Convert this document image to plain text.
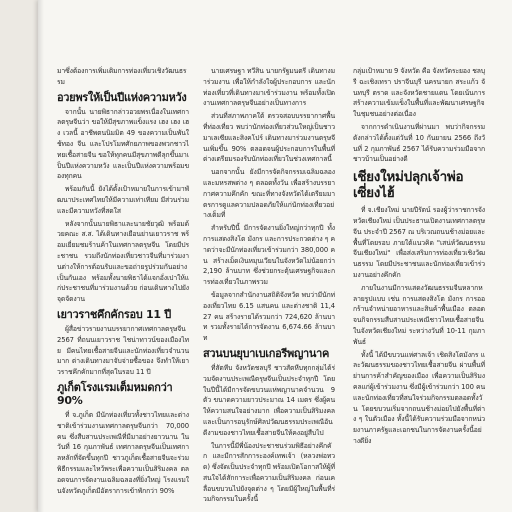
มาซึ่งต้องการเพิ่มเติมการท่องเที่ยวเชิงวัฒนธรรม

อวยพรให้เป็นปีแห่งความหวัง

จากนั้น นายพิธากล่าวอวยพรเนื่องในเทศกาลตรุษจีนว่า ขอให้มีสุขภาพแข็งแรง เฮง เฮง เฮง เวลนี้ อาชีพตนนิมมิต 49 ของความเป็นพันใช้ทอง จีน และโปรโมทศักยภาพของพวกชาวไทยเชื้อสายจีน ขอให้ทุกคนมีสุขภาพดีลุกขึ้นมาเป็นปีแห่งความหวัง และเป็นปีแห่งความพร้อมของทุกคน

พร้อมกันนี้ ยังได้ตั้งเป้าหมายในการเข้ามาพัฒนาประเทศไทยให้มีความเท่าเทียม มีส่วนร่วม และมีความหวังที่สดใส

หลังจากนั้นนายพิธาและนายชัยวุฒิ พร้อมด้วยคณะ ส.ส. ได้เดินทางเยือนย่านเยาวราช พร้อมเยี่ยมชมร้านค้าในเทศกาลตรุษจีน โดยมีประชาชน รวมถึงนักท่องเที่ยวชาวจีนที่มาร่วมงานต่างให้การต้อนรับและขอถ่ายรูปร่วมกันอย่างเป็นกันเอง พร้อมทั้งนายพิธาได้แจกอั่งเปาให้แก่ประชาชนที่มาร่วมงานด้วย ก่อนเดินทางไปยังจุดจัดงาน

เยาวราชคึกคักรอบ 11 ปี

ผู้สื่อข่าวรายงานบรรยากาศเทศกาลตรุษจีน 2567 ที่ถนนเยาวราช ไชน่าทาวน์ของเมืองไทย มีคนไทยเชื้อสายจีนและนักท่องเที่ยวจำนวนมาก ต่างเดินทางมาจับจ่ายซื้อของ จึงทำให้เยาวราชคึกคักมากที่สุดในรอบ 11 ปี

ภูเก็ตโรงแรมเต็มหมดกว่า 90%

ที่ จ.ภูเก็ต มีนักท่องเที่ยวทั้งชาวไทยและต่างชาติเข้าร่วมงานเทศกาลตรุษจีนกว่า 70,000 คน ซึ่งสืบสานประเพณีที่มีมาอย่างยาวนาน ในวันที่ 16 กุมภาพันธ์ เทศกาลตรุษจีนเป็นเทศกาลหลักที่จัดขึ้นทุกปี ชาวภูเก็ตเชื้อสายจีนจะร่วมพิธีกรรมและไหว้พระเพื่อความเป็นสิริมงคล ตลอดจนการจัดงานเฉลิมฉลองที่ยิ่งใหญ่ โรงแรมในจังหวัดภูเก็ตมีอัตราการเข้าพักกว่า 90%

นายเศรษฐา ทวีสิน นายกรัฐมนตรี เดินทางมาร่วมงาน เพื่อให้กำลังใจผู้ประกอบการ และนักท่องเที่ยวที่เดินทางมาเข้าร่วมงาน พร้อมทั้งเปิดงานเทศกาลตรุษจีนอย่างเป็นทางการ

ส่วนที่สภาพภาคใต้ ตรวจสอบบรรยากาศพื้นที่ท่องเที่ยว พบว่านักท่องเที่ยวส่วนใหญ่เป็นชาวมาเลเซียและสิงคโปร์ เดินทางมาร่วมงานตรุษจีนเพิ่มขึ้น 90% ตลอดจนผู้ประกอบการในพื้นที่ต่างเตรียมรองรับนักท่องเที่ยวในช่วงเทศกาลนี้

นอกจากนั้น ยังมีการจัดกิจกรรมเฉลิมฉลองและมหรสพต่าง ๆ ตลอดทั้งวัน เพื่อสร้างบรรยากาศความคึกคัก ขณะที่ทางจังหวัดได้เตรียมมาตรการดูแลความปลอดภัยให้แก่นักท่องเที่ยวอย่างเต็มที่

สำหรับปีนี้ มีการจัดงานยิ่งใหญ่กว่าทุกปี ทั้งการแสดงสิงโต มังกร และการประกวดต่าง ๆ คาดว่าจะมีนักท่องเที่ยวเข้าร่วมกว่า 380,000 คน สร้างเม็ดเงินหมุนเวียนในจังหวัดไม่น้อยกว่า 2,190 ล้านบาท ซึ่งช่วยกระตุ้นเศรษฐกิจและการท่องเที่ยวในภาพรวม

ข้อมูลจากสำนักงานสถิติจังหวัด พบว่ามีนักท่องเที่ยวไทย 6.15 แสนคน และต่างชาติ 11,427 คน สร้างรายได้รวมกว่า 724,620 ล้านบาท รวมทั้งรายได้การจัดงาน 6,674.66 ล้านบาท

สวนบนยุบาเบเกอรีพญานาค

ที่สัตหีบ จังหวัดชลบุรี ชาวสัตหีบทุกกลุ่มได้ร่วมจัดงานประเพณีตรุษจีนเป็นประจำทุกปี โดยในปีนี้ได้มีการจัดขบวนแห่พญานาคจำนวน 9 ตัว ขนาดความยาวประมาณ 14 เมตร ซึ่งผู้คนให้ความสนใจอย่างมาก เพื่อความเป็นสิริมงคล และเป็นการอนุรักษ์ศิลปวัฒนธรรมประเพณีอันดีงามของชาวไทยเชื้อสายจีนให้คงอยู่สืบไป

ในการนี้มีพี่น้องประชาชนร่วมพิธีอย่างคึกคัก และมีการสักการะองค์เทพเจ้า (หลวงพ่อทวด) ซึ่งจัดเป็นประจำทุกปี พร้อมเปิดโอกาสให้ผู้ที่สนใจได้สักการะเพื่อความเป็นสิริมงคล ก่อนเคลื่อนขบวนไปยังจุดต่าง ๆ โดยมีผู้ใหญ่ในพื้นที่ร่วมกิจกรรมในครั้งนี้

กลุ่มเป้าหมาย 9 จังหวัด คือ จังหวัดระยอง ชลบุรี ฉะเชิงเทรา ปราจีนบุรี นครนายก สระแก้ว จันทบุรี ตราด และจังหวัดชายแดน โดยเน้นการสร้างความเข้มแข็งในพื้นที่และพัฒนาเศรษฐกิจในชุมชนอย่างต่อเนื่อง

จากการดำเนินงานที่ผ่านมา พบว่ากิจกรรมดังกล่าวได้ตั้งแต่วันที่ 10 กันยายน 2566 ถึงวันที่ 2 กุมภาพันธ์ 2567 ได้รับความร่วมมือจากชาวบ้านเป็นอย่างดี

เชียงใหม่ปลุกเจ้าพ่อเซี่ยงไฮ้

ที่ จ.เชียงใหม่ นายปีรัตน์ รองผู้ว่าราชการจังหวัดเชียงใหม่ เป็นประธานเปิดงานเทศกาลตรุษจีน ประจำปี 2567 ณ บริเวณถนนช้างม่อยและพื้นที่โดยรอบ ภายใต้แนวคิด "เสน่ห์วัฒนธรรมจีนเชียงใหม่" เพื่อส่งเสริมการท่องเที่ยวเชิงวัฒนธรรม โดยมีประชาชนและนักท่องเที่ยวเข้าร่วมงานอย่างคึกคัก

ภายในงานมีการแสดงวัฒนธรรมจีนหลากหลายรูปแบบ เช่น การแสดงสิงโต มังกร การออกร้านจำหน่ายอาหารและสินค้าพื้นเมือง ตลอดจนกิจกรรมสืบสานประเพณีชาวไทยเชื้อสายจีนในจังหวัดเชียงใหม่ ระหว่างวันที่ 10-11 กุมภาพันธ์

ทั้งนี้ ได้มีขบวนแห่ศาลเจ้า เชิดสิงโตมังกร และวัฒนธรรมของชาวไทยเชื้อสายจีน ผ่านพื้นที่ย่านการค้าสำคัญของเมือง เพื่อความเป็นสิริมงคลแก่ผู้เข้าร่วมงาน ซึ่งมีผู้เข้าร่วมกว่า 100 คน และนักท่องเที่ยวที่สนใจร่วมกิจกรรมตลอดทั้งวัน โดยขบวนเริ่มจากถนนช้างม่อยไปยังพื้นที่ต่าง ๆ ในตัวเมือง ทั้งนี้ได้รับความร่วมมือจากหน่วยงานภาครัฐและเอกชนในการจัดงานครั้งนี้อย่างดียิ่ง
